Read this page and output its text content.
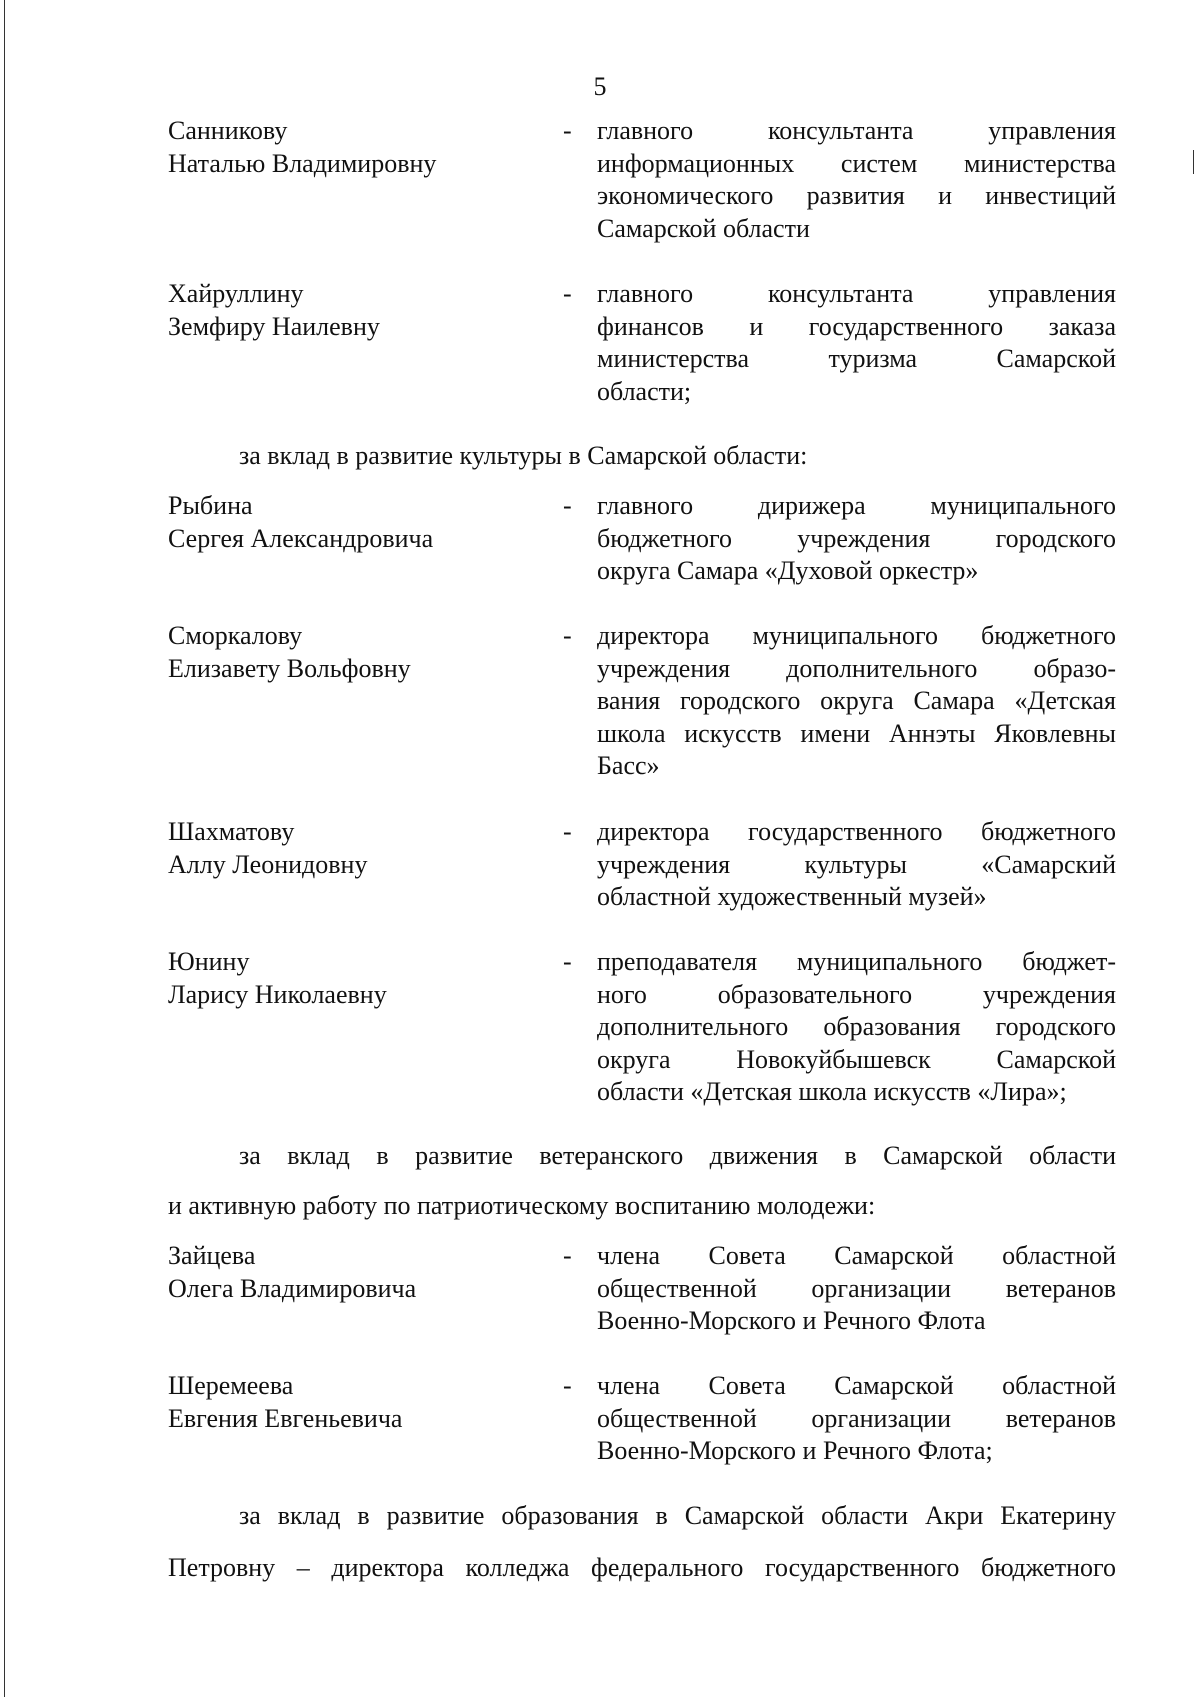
5
Санникову
Наталью Владимировну
- главного консультанта управления
информационных систем министерства
экономического развития и инвестиций
Самарской области
Хайруллину
Земфиру Наилевну
- главного консультанта управления
финансов и государственного заказа
министерства туризма Самарской
области;
за вклад в развитие культуры в Самарской области:
Рыбина
Сергея Александровича
- главного дирижера муниципального
бюджетного учреждения городского
округа Самара «Духовой оркестр»
Сморкалову
Елизавету Вольфовну
- директора муниципального бюджетного
учреждения дополнительного образо-
вания городского округа Самара «Детская
школа искусств имени Аннэты Яковлевны
Басс»
Шахматову
Аллу Леонидовну
- директора государственного бюджетного
учреждения культуры «Самарский
областной художественный музей»
Юнину
Ларису Николаевну
- преподавателя муниципального бюджет-
ного образовательного учреждения
дополнительного образования городского
округа Новокуйбышевск Самарской
области «Детская школа искусств «Лира»;
за вклад в развитие ветеранского движения в Самарской области
и активную работу по патриотическому воспитанию молодежи:
Зайцева
Олега Владимировича
- члена Совета Самарской областной
общественной организации ветеранов
Военно-Морского и Речного Флота
Шеремеева
Евгения Евгеньевича
- члена Совета Самарской областной
общественной организации ветеранов
Военно-Морского и Речного Флота;
за вклад в развитие образования в Самарской области Акри Екатерину
Петровну – директора колледжа федерального государственного бюджетного
